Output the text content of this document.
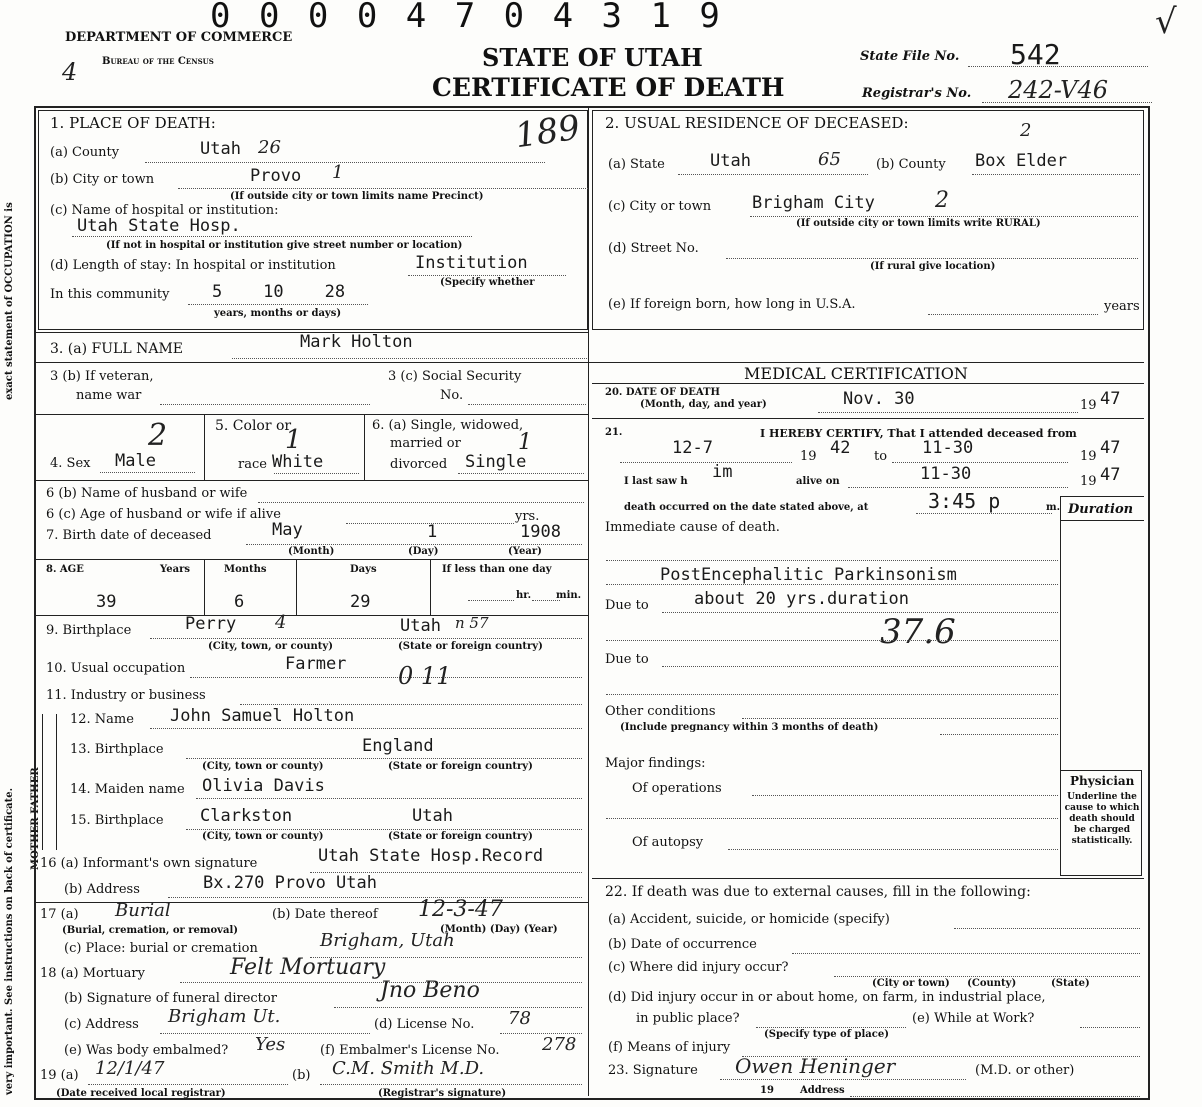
very important. See instructions on back of certificate.
exact statement of OCCUPATION is
MOTHER FATHER
0 0 0 0 4 7 0 4 3 1 9
DEPARTMENT OF COMMERCE
Bureau of the Census
4	STATE OF UTAH
CERTIFICATE OF DEATH
State File No. 542
Registrar's No. 242-V46
√
1. PLACE OF DEATH:	189
(a) County	Utah 26
(b) City or town	Provo 1
(If outside city or town limits name Precinct)
(c) Name of hospital or institution:
Utah State Hosp.
(If not in hospital or institution give street number or location)
(d) Length of stay: In hospital or institution	Institution
(Specify whether
In this community	5    10    28
years, months or days)
2. USUAL RESIDENCE OF DECEASED:	2
(a) State	Utah	65	(b) County Box Elder
(c) City or town Brigham City	2
(If outside city or town limits write RURAL)
(d) Street No.
(If rural give location)
(e) If foreign born, how long in U.S.A.	years
3. (a) FULL NAME	Mark Holton
3 (b) If veteran,
name war
3 (c) Social Security
No.
4. Sex Male
2	5. Color or
race White
1	6. (a) Single, widowed,
married or
divorced Single
1
6 (b) Name of husband or wife
6 (c) Age of husband or wife if alive	yrs.
7. Birth date of deceased	May	1	1908
(Month)	(Day)	(Year)
8. AGE	Years	Months	Days	If less than one day
hr. min.
39	6	29
9. Birthplace	Perry 4	Utah n 57
(City, town, or county)	(State or foreign country)
10. Usual occupation	Farmer 0 11
11. Industry or business
12. Name John Samuel Holton
13. Birthplace	England
(City, town or county)	(State or foreign country)
14. Maiden name Olivia Davis
15. Birthplace Clarkston	Utah
(City, town or county)	(State or foreign country)
16 (a) Informant's own signature	Utah State Hosp.Record
(b) Address	Bx.270 Provo Utah
17 (a) Burial
(Burial, cremation, or removal)
(b) Date thereof 12-3-47
(Month) (Day) (Year)
(c) Place: burial or cremation	Brigham, Utah
18 (a) Mortuary	Felt Mortuary
(b) Signature of funeral director	Jno Beno
(c) Address Brigham Ut.	(d) License No. 78
(e) Was body embalmed? Yes	(f) Embalmer's License No. 278
19 (a) 12/1/47	(b) C.M. Smith M.D.
(Date received local registrar)	(Registrar's signature)
MEDICAL CERTIFICATION
20. DATE OF DEATH
(Month, day, and year)	Nov. 30	19 47
21.	I HEREBY CERTIFY, That I attended deceased from
12-7	19 42 to 11-30	19 47
I last saw h im	alive on	11-30	19 47
death occurred on the date stated above, at	3:45 p	m. Duration
Immediate cause of death.
PostEncephalitic Parkinsonism
Due to	about 20 yrs.duration
37.6
Due to
Other conditions
(Include pregnancy within 3 months of death)
Major findings:
Of operations
Of autopsy
Physician
Underline the cause to which death should be charged statistically.
22. If death was due to external causes, fill in the following:
(a) Accident, suicide, or homicide (specify)
(b) Date of occurrence
(c) Where did injury occur?
(City or town)     (County)          (State)
(d) Did injury occur in or about home, on farm, in industrial place,
in public place?
(Specify type of place)
(e) While at Work?
(f) Means of injury
23. Signature Owen Heninger	(M.D. or other)
19	Address
